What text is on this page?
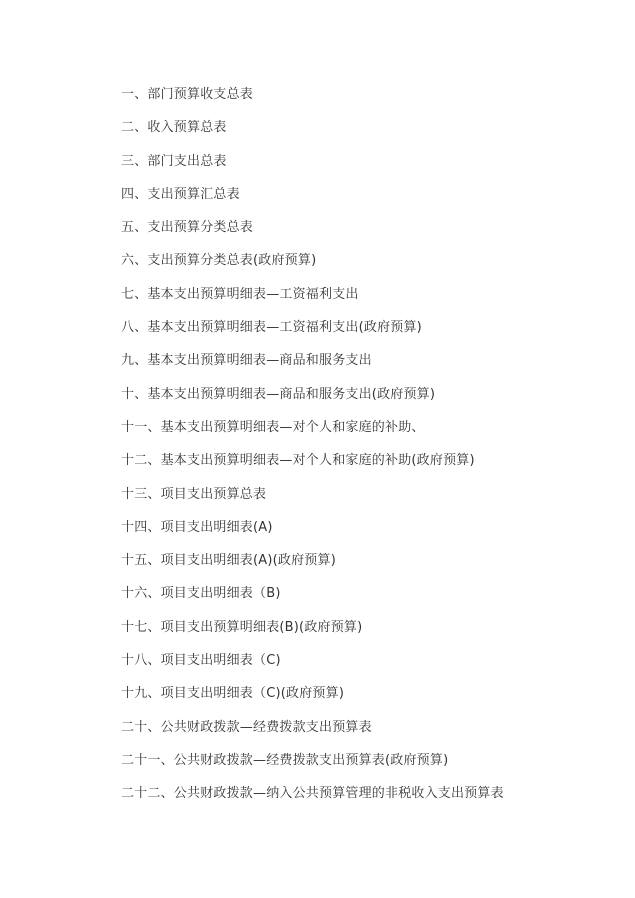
一、部门预算收支总表
二、收入预算总表
三、部门支出总表
四、支出预算汇总表
五、支出预算分类总表
六、支出预算分类总表(政府预算)
七、基本支出预算明细表—工资福利支出
八、基本支出预算明细表—工资福利支出(政府预算)
九、基本支出预算明细表—商品和服务支出
十、基本支出预算明细表—商品和服务支出(政府预算)
十一、基本支出预算明细表—对个人和家庭的补助、
十二、基本支出预算明细表—对个人和家庭的补助(政府预算)
十三、项目支出预算总表
十四、项目支出明细表(A)
十五、项目支出明细表(A)(政府预算)
十六、项目支出明细表（B)
十七、项目支出预算明细表(B)(政府预算)
十八、项目支出明细表（C)
十九、项目支出明细表（C)(政府预算)
二十、公共财政拨款—经费拨款支出预算表
二十一、公共财政拨款—经费拨款支出预算表(政府预算)
二十二、公共财政拨款—纳入公共预算管理的非税收入支出预算表
